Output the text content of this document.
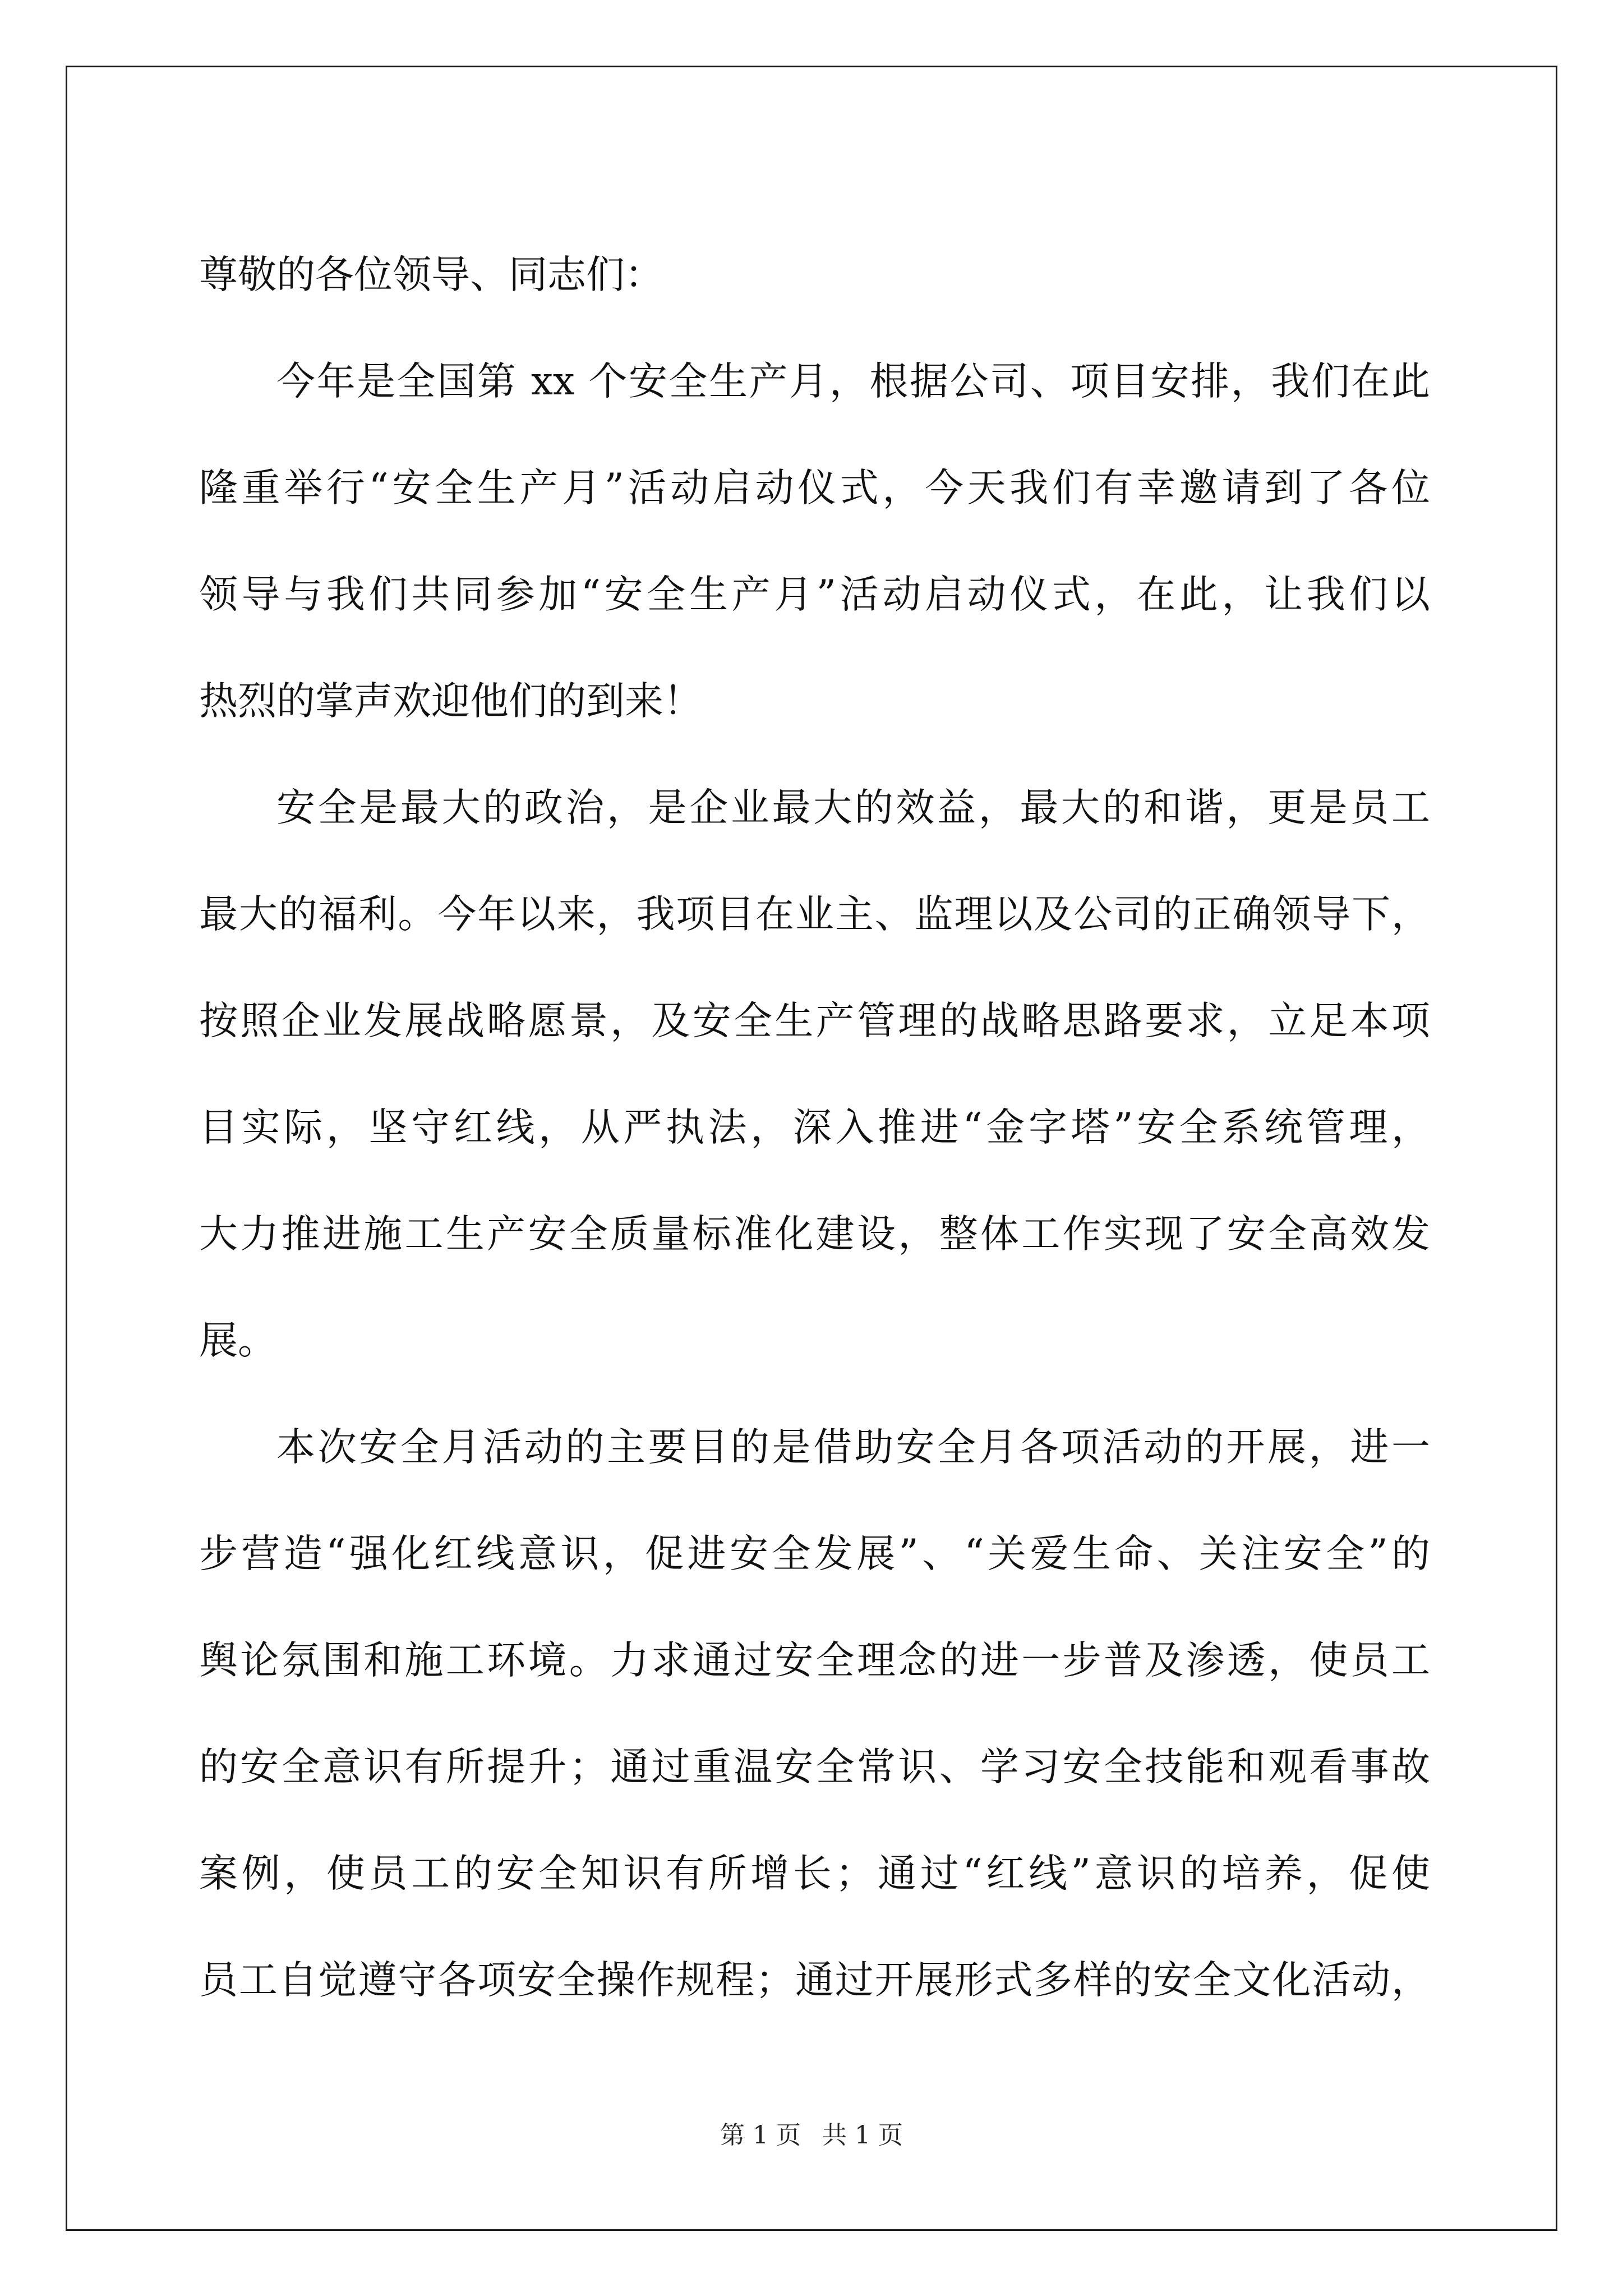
尊敬的各位领导、同志们：
今年是全国第 xx 个安全生产月，根据公司、项目安排，我们在此
隆重举行“安全生产月”活动启动仪式，今天我们有幸邀请到了各位
领导与我们共同参加“安全生产月”活动启动仪式，在此，让我们以
热烈的掌声欢迎他们的到来！
安全是最大的政治，是企业最大的效益，最大的和谐，更是员工
最大的福利。今年以来，我项目在业主、监理以及公司的正确领导下，
按照企业发展战略愿景，及安全生产管理的战略思路要求，立足本项
目实际，坚守红线，从严执法，深入推进“金字塔”安全系统管理，
大力推进施工生产安全质量标准化建设，整体工作实现了安全高效发
展。
本次安全月活动的主要目的是借助安全月各项活动的开展，进一
步营造“强化红线意识，促进安全发展”、“关爱生命、关注安全”的
舆论氛围和施工环境。力求通过安全理念的进一步普及渗透，使员工
的安全意识有所提升；通过重温安全常识、学习安全技能和观看事故
案例，使员工的安全知识有所增长；通过“红线”意识的培养，促使
员工自觉遵守各项安全操作规程；通过开展形式多样的安全文化活动，
第 1 页 共 1 页
